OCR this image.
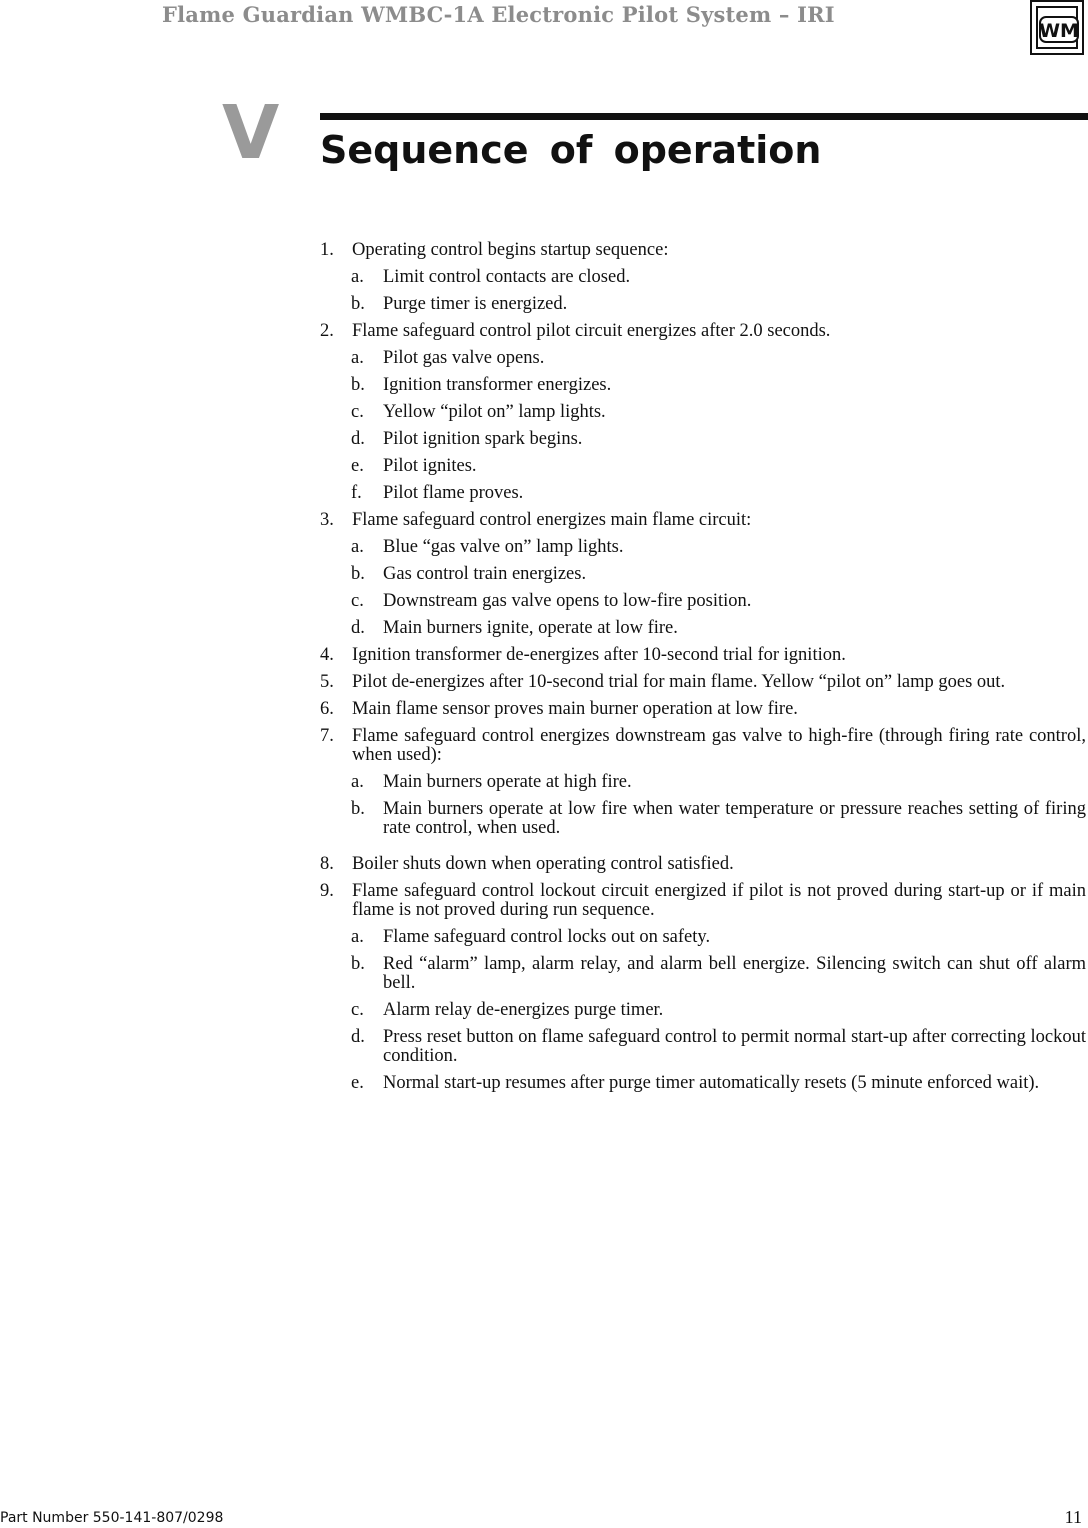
Flame Guardian WMBC-1A Electronic Pilot System – IRI
WM
V Sequence of operation
1. Operating control begins startup sequence:
a. Limit control contacts are closed.
b. Purge timer is energized.
2. Flame safeguard control pilot circuit energizes after 2.0 seconds.
a. Pilot gas valve opens.
b. Ignition transformer energizes.
c. Yellow “pilot on” lamp lights.
d. Pilot ignition spark begins.
e. Pilot ignites.
f. Pilot flame proves.
3. Flame safeguard control energizes main flame circuit:
a. Blue “gas valve on” lamp lights.
b. Gas control train energizes.
c. Downstream gas valve opens to low-fire position.
d. Main burners ignite, operate at low fire.
4. Ignition transformer de-energizes after 10-second trial for ignition.
5. Pilot de-energizes after 10-second trial for main flame. Yellow “pilot on” lamp goes out.
6. Main flame sensor proves main burner operation at low fire.
7. Flame safeguard control energizes downstream gas valve to high-fire (through firing rate control, when used):
a. Main burners operate at high fire.
b. Main burners operate at low fire when water temperature or pressure reaches setting of firing rate control, when used.
8. Boiler shuts down when operating control satisfied.
9. Flame safeguard control lockout circuit energized if pilot is not proved during start-up or if main flame is not proved during run sequence.
a. Flame safeguard control locks out on safety.
b. Red “alarm” lamp, alarm relay, and alarm bell energize. Silencing switch can shut off alarm bell.
c. Alarm relay de-energizes purge timer.
d. Press reset button on flame safeguard control to permit normal start-up after correcting lockout condition.
e. Normal start-up resumes after purge timer automatically resets (5 minute enforced wait).
Part Number 550-141-807/0298	11
